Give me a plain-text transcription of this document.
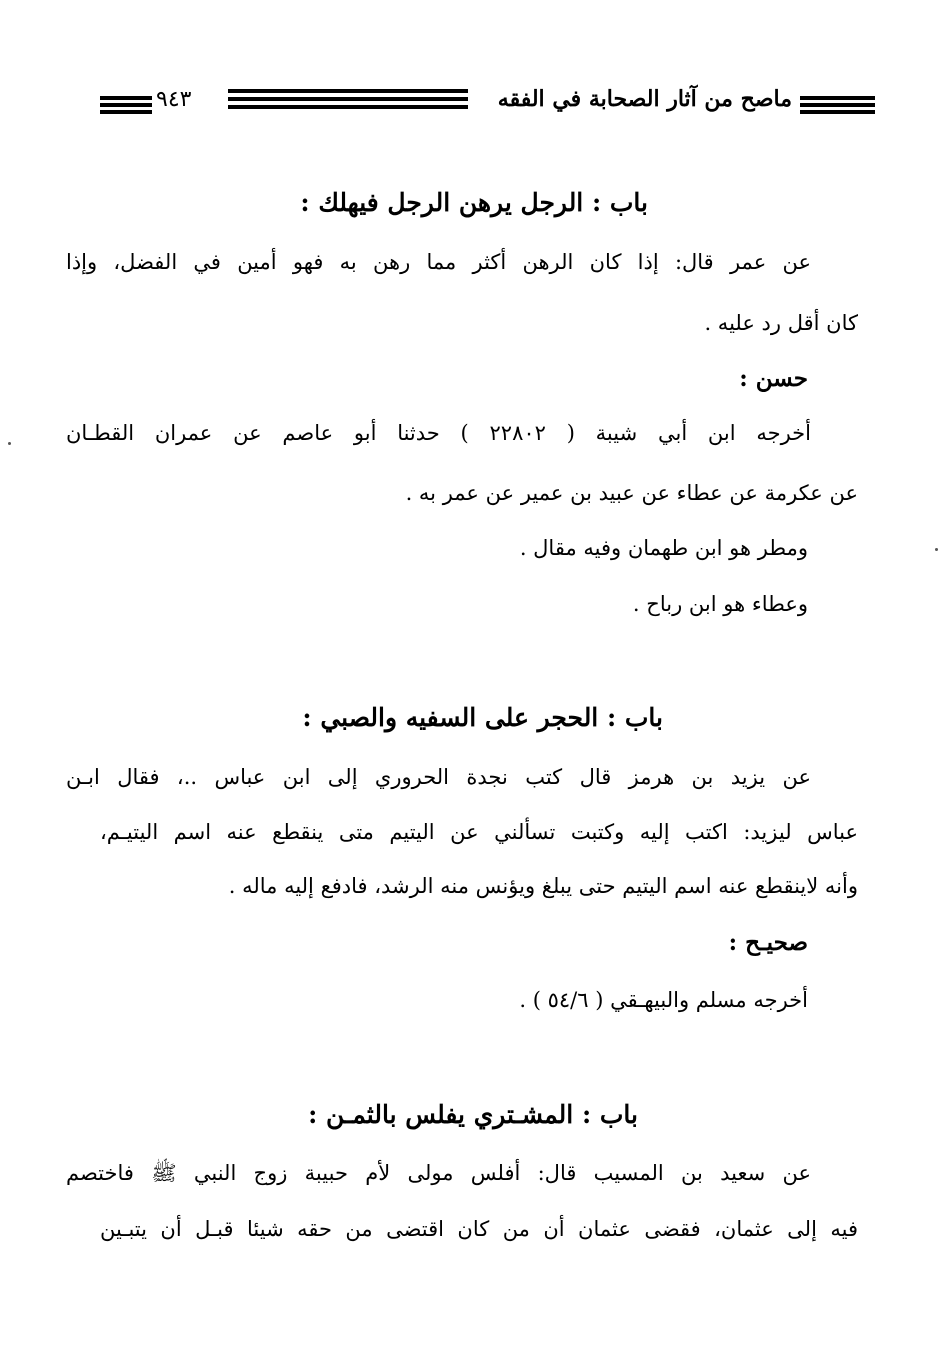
٩٤٣	ماصح من آثار الصحابة في الفقه
باب : الرجل يرهن الرجل فيهلك :
عن عمر قال: إذا كان الرهن أكثر مما رهن به فهو أمين في الفضل، وإذا
كان أقل رد عليه .
حسن :
أخرجه ابن أبي شيبة ( ٢٢٨٠٢ ) حدثنا أبو عاصم عن عمران القطـان
عن عكرمة عن عطاء عن عبيد بن عمير عن عمر به .
ومطر هو ابن طهمان وفيه مقال .
وعطاء هو ابن رباح .
باب : الحجر على السفيه والصبي :
عن يزيد بن هرمز قال كتب نجدة الحروري إلى ابن عباس ..، فقال ابـن
عباس ليزيد: اكتب إليه وكتبت تسألني عن اليتيم متى ينقطع عنه اسم اليتيـم،
وأنه لاينقطع عنه اسم اليتيم حتى يبلغ ويؤنس منه الرشد، فادفع إليه ماله .
صحيـح :
أخرجه مسلم والبيهـقي ( ٥٤/٦ ) .
باب : المشـتري يفلس بالثمـن :
عن سعيد بن المسيب قال: أفلس مولى لأم حبيبة زوج النبي ﷺ فاختصم
فيه إلى عثمان، فقضى عثمان أن من كان اقتضى من حقه شيئا قبـل أن يتبـين
